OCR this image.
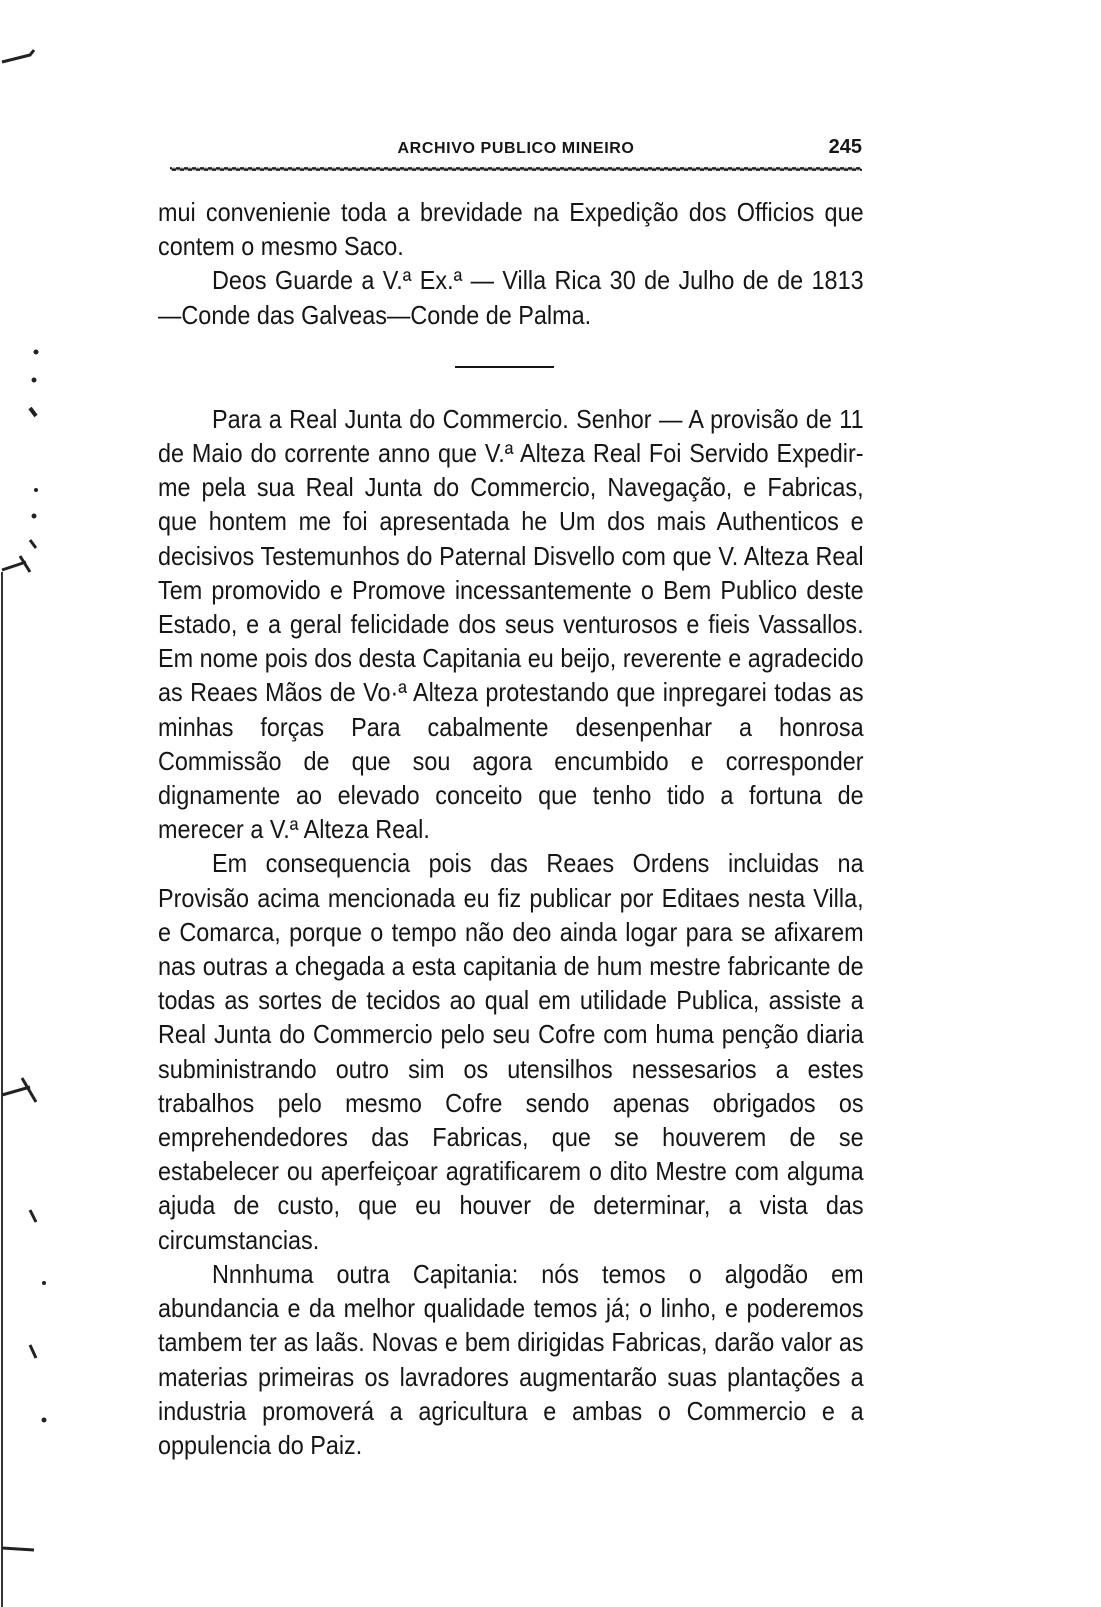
ARCHIVO PUBLICO MINEIRO	245

mui convenienie toda a brevidade na Expedição dos Officios que contem o mesmo Saco.

Deos Guarde a V.ª Ex.ª — Villa Rica 30 de Julho de de 1813 —Conde das Galveas—Conde de Palma.

Para a Real Junta do Commercio. Senhor — A provisão de 11 de Maio do corrente anno que V.ª Alteza Real Foi Servido Expedir-me pela sua Real Junta do Commercio, Navegação, e Fabricas, que hontem me foi apresentada he Um dos mais Authenticos e decisivos Testemunhos do Paternal Disvello com que V. Alteza Real Tem promovido e Promove incessantemente o Bem Publico deste Estado, e a geral felicidade dos seus venturosos e fieis Vassallos. Em nome pois dos desta Capitania eu beijo, reverente e agradecido as Reaes Mãos de Vo·ª Alteza protestando que inpregarei todas as minhas forças Para cabalmente desenpenhar a honrosa Commissão de que sou agora encumbido e corresponder dignamente ao elevado conceito que tenho tido a fortuna de merecer a V.ª Alteza Real.

Em consequencia pois das Reaes Ordens incluidas na Provisão acima mencionada eu fiz publicar por Editaes nesta Villa, e Comarca, porque o tempo não deo ainda logar para se afixarem nas outras a chegada a esta capitania de hum mestre fabricante de todas as sortes de tecidos ao qual em utilidade Publica, assiste a Real Junta do Commercio pelo seu Cofre com huma penção diaria subministrando outro sim os utensilhos nessesarios a estes trabalhos pelo mesmo Cofre sendo apenas obrigados os emprehendedores das Fabricas, que se houverem de se estabelecer ou aperfeiçoar agratificarem o dito Mestre com alguma ajuda de custo, que eu houver de determinar, a vista das circumstancias.

Nnnhuma outra Capitania: nós temos o algodão em abundancia e da melhor qualidade temos já; o linho, e poderemos tambem ter as laãs. Novas e bem dirigidas Fabricas, darão valor as materias primeiras os lavradores augmentarão suas plantações a industria promoverá a agricultura e ambas o Commercio e a oppulencia do Paiz.
